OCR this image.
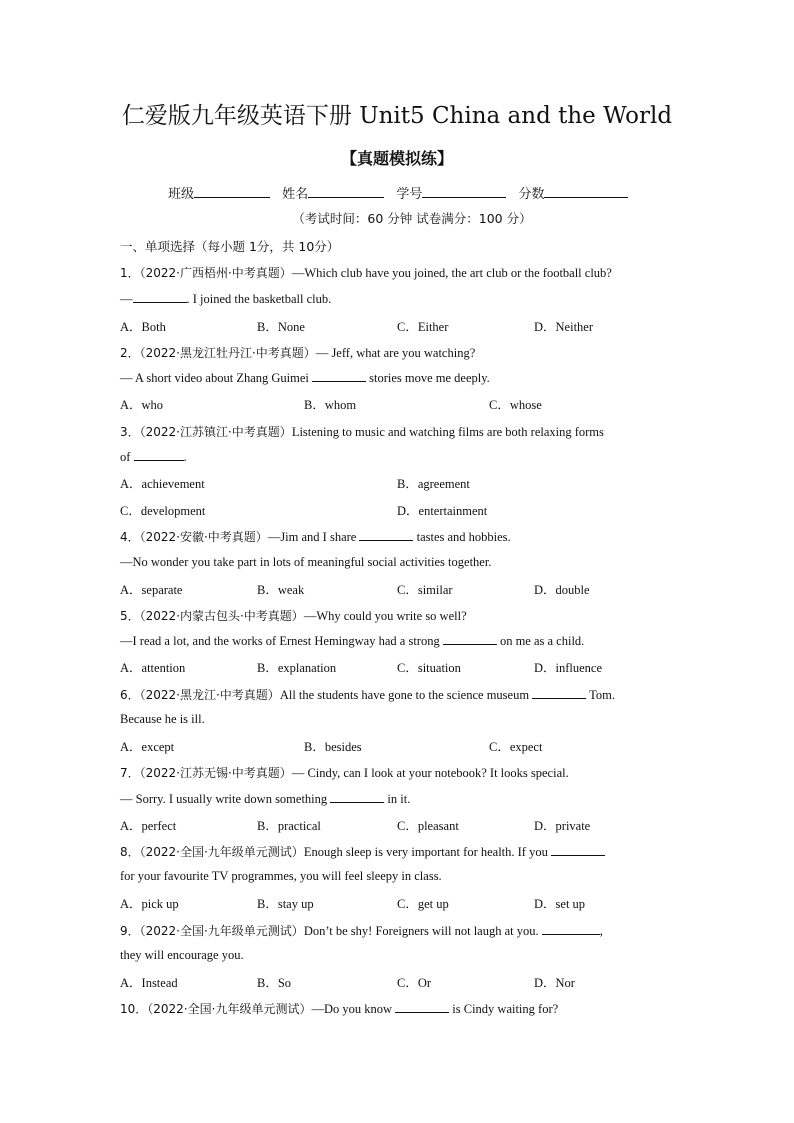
仁爱版九年级英语下册 Unit5 China and the World
【真题模拟练】
班级	姓名	学号	分数
（考试时间：60 分钟 试卷满分：100 分）
一、单项选择（每小题 1分，共 10分）
1．（2022·广西梧州·中考真题）—Which club have you joined, the art club or the football club?
—	. I joined the basketball club.
A．Both	B．None	C．Either	D．Neither
2．（2022·黑龙江牡丹江·中考真题）— Jeff, what are you watching?
— A short video about Zhang Guimei	stories move me deeply.
A．who	B．whom	C．whose
3．（2022·江苏镇江·中考真题）Listening to music and watching films are both relaxing forms
of	.
A．achievement	B．agreement
C．development	D．entertainment
4．（2022·安徽·中考真题）—Jim and I share	tastes and hobbies.
—No wonder you take part in lots of meaningful social activities together.
A．separate	B．weak	C．similar	D．double
5．（2022·内蒙古包头·中考真题）—Why could you write so well?
—I read a lot, and the works of Ernest Hemingway had a strong	on me as a child.
A．attention	B．explanation	C．situation	D．influence
6．（2022·黑龙江·中考真题）All the students have gone to the science museum	Tom.
Because he is ill.
A．except	B．besides	C．expect
7．（2022·江苏无锡·中考真题）— Cindy, can I look at your notebook? It looks special.
— Sorry. I usually write down something	in it.
A．perfect	B．practical	C．pleasant	D．private
8．（2022·全国·九年级单元测试）Enough sleep is very important for health. If you
for your favourite TV programmes, you will feel sleepy in class.
A．pick up	B．stay up	C．get up	D．set up
9．（2022·全国·九年级单元测试）Don’t be shy! Foreigners will not laugh at you.	,
they will encourage you.
A．Instead	B．So	C．Or	D．Nor
10．（2022·全国·九年级单元测试）—Do you know	is Cindy waiting for?
